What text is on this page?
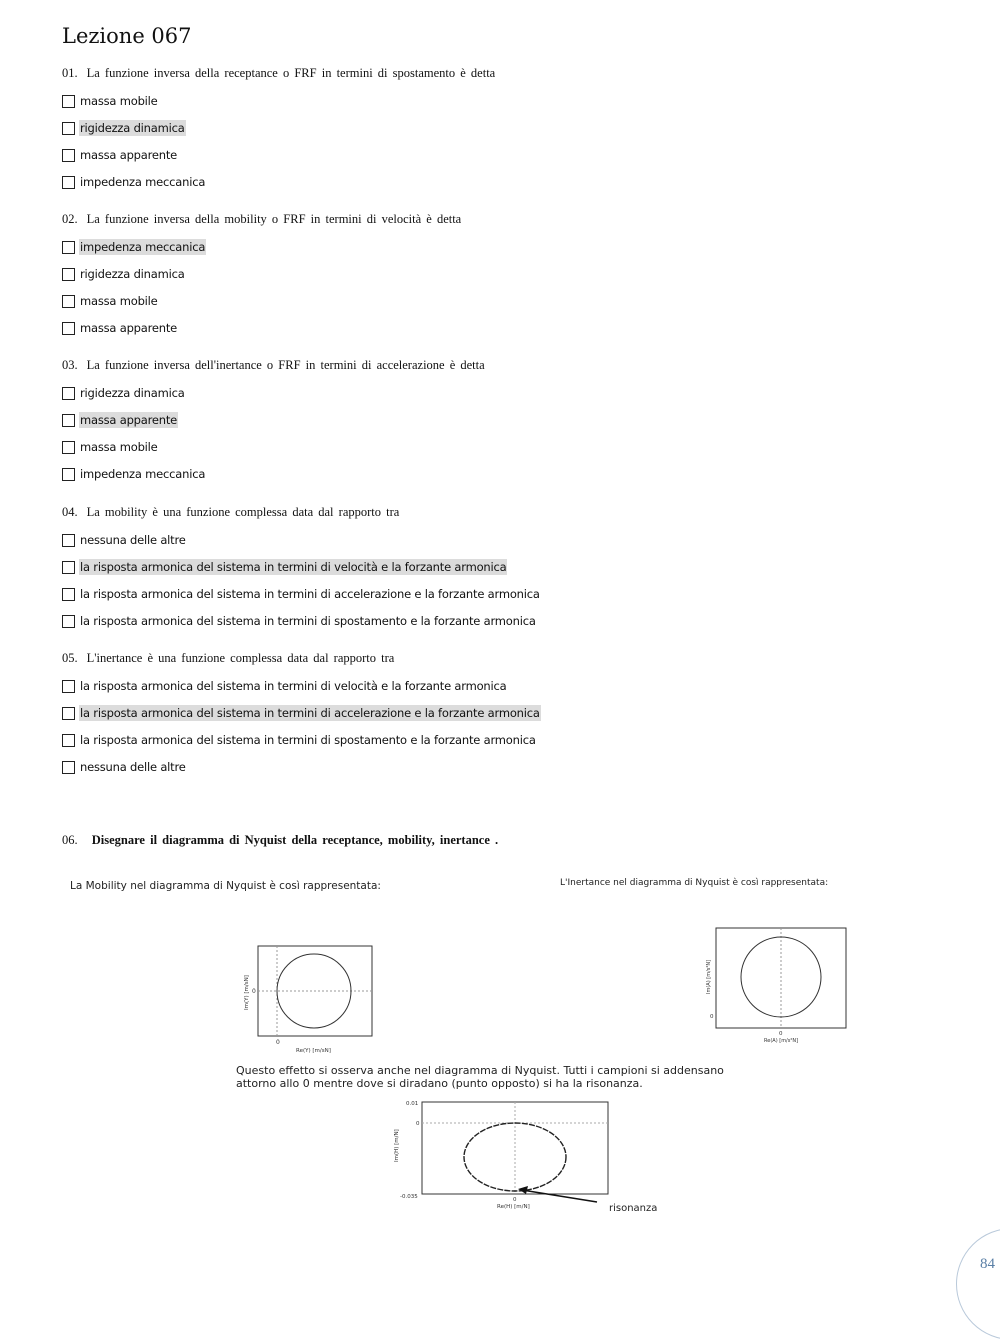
Lezione 067
01. La funzione inversa della receptance o FRF in termini di spostamento è detta
massa mobile
rigidezza dinamica
massa apparente
impedenza meccanica
02. La funzione inversa della mobility o FRF in termini di velocità è detta
impedenza meccanica
rigidezza dinamica
massa mobile
massa apparente
03. La funzione inversa dell'inertance o FRF in termini di accelerazione è detta
rigidezza dinamica
massa apparente
massa mobile
impedenza meccanica
04. La mobility è una funzione complessa data dal rapporto tra
nessuna delle altre
la risposta armonica del sistema in termini di velocità e la forzante armonica
la risposta armonica del sistema in termini di accelerazione e la forzante armonica
la risposta armonica del sistema in termini di spostamento e la forzante armonica
05. L'inertance è una funzione complessa data dal rapporto tra
la risposta armonica del sistema in termini di velocità e la forzante armonica
la risposta armonica del sistema in termini di accelerazione e la forzante armonica
la risposta armonica del sistema in termini di spostamento e la forzante armonica
nessuna delle altre
06. Disegnare il diagramma di Nyquist della receptance, mobility, inertance .
La Mobility nel diagramma di Nyquist è così rappresentata:	L'Inertance nel diagramma di Nyquist è così rappresentata:
Questo effetto si osserva anche nel diagramma di Nyquist. Tutti i campioni si addensano attorno allo 0 mentre dove si diradano (punto opposto) si ha la risonanza.
0
0
Re(Y) [m/sN]
Im(Y) [m/sN]
0
0
Re(A) [m/s²N]
Im(A) [m/s²N]
0.01
0
-0.035	0
Re(H) [m/N]
Im(H) [m/N]
risonanza
84
